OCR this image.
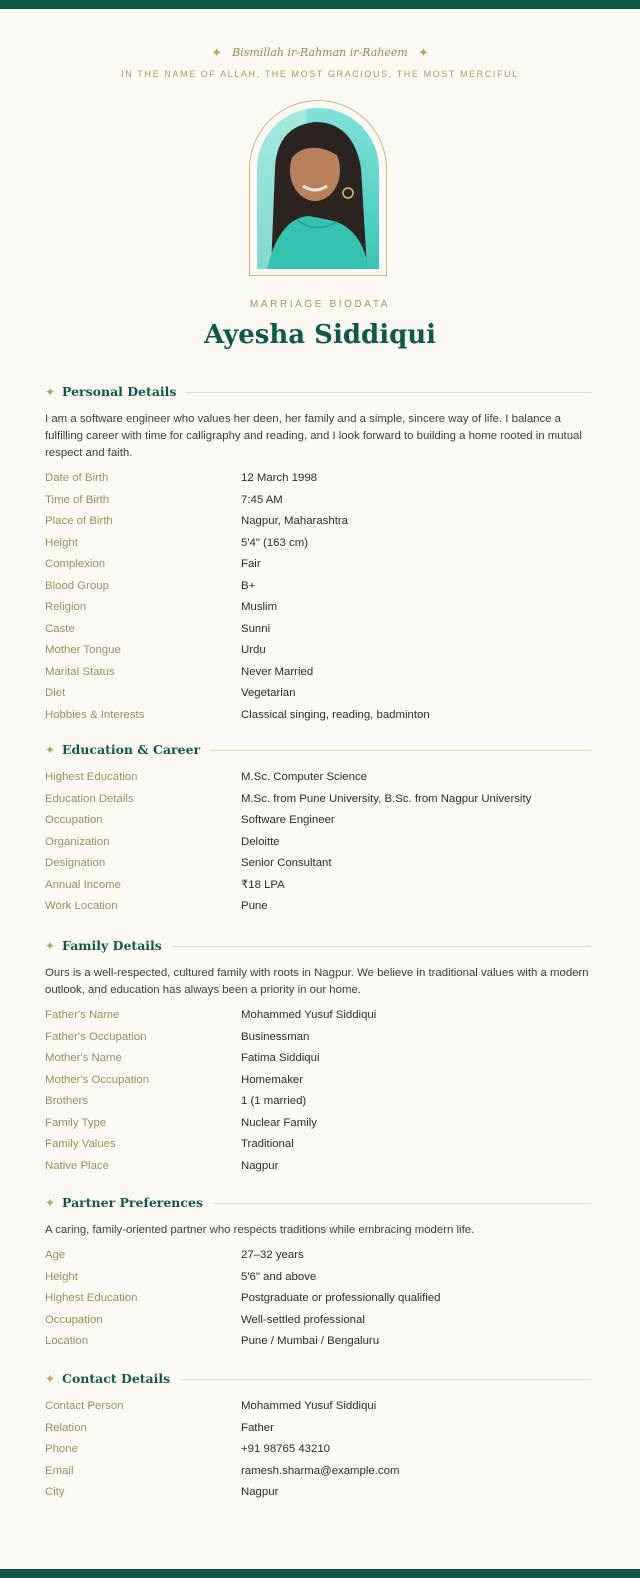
✦ Bismillah ir-Rahman ir-Raheem ✦
IN THE NAME OF ALLAH, THE MOST GRACIOUS, THE MOST MERCIFUL
MARRIAGE BIODATA
Ayesha Siddiqui
✦ Personal Details
I am a software engineer who values her deen, her family and a simple, sincere way of life. I balance a fulfilling career with time for calligraphy and reading, and I look forward to building a home rooted in mutual respect and faith.
Date of Birth	12 March 1998
Time of Birth	7:45 AM
Place of Birth	Nagpur, Maharashtra
Height	5'4" (163 cm)
Complexion	Fair
Blood Group	B+
Religion	Muslim
Caste	Sunni
Mother Tongue	Urdu
Marital Status	Never Married
Diet	Vegetarian
Hobbies & Interests	Classical singing, reading, badminton
✦ Education & Career
Highest Education	M.Sc. Computer Science
Education Details	M.Sc. from Pune University, B.Sc. from Nagpur University
Occupation	Software Engineer
Organization	Deloitte
Designation	Senior Consultant
Annual Income	₹18 LPA
Work Location	Pune
✦ Family Details
Ours is a well-respected, cultured family with roots in Nagpur. We believe in traditional values with a modern outlook, and education has always been a priority in our home.
Father's Name	Mohammed Yusuf Siddiqui
Father's Occupation	Businessman
Mother's Name	Fatima Siddiqui
Mother's Occupation	Homemaker
Brothers	1 (1 married)
Family Type	Nuclear Family
Family Values	Traditional
Native Place	Nagpur
✦ Partner Preferences
A caring, family-oriented partner who respects traditions while embracing modern life.
Age	27–32 years
Height	5'6" and above
Highest Education	Postgraduate or professionally qualified
Occupation	Well-settled professional
Location	Pune / Mumbai / Bengaluru
✦ Contact Details
Contact Person	Mohammed Yusuf Siddiqui
Relation	Father
Phone	+91 98765 43210
Email	ramesh.sharma@example.com
City	Nagpur
